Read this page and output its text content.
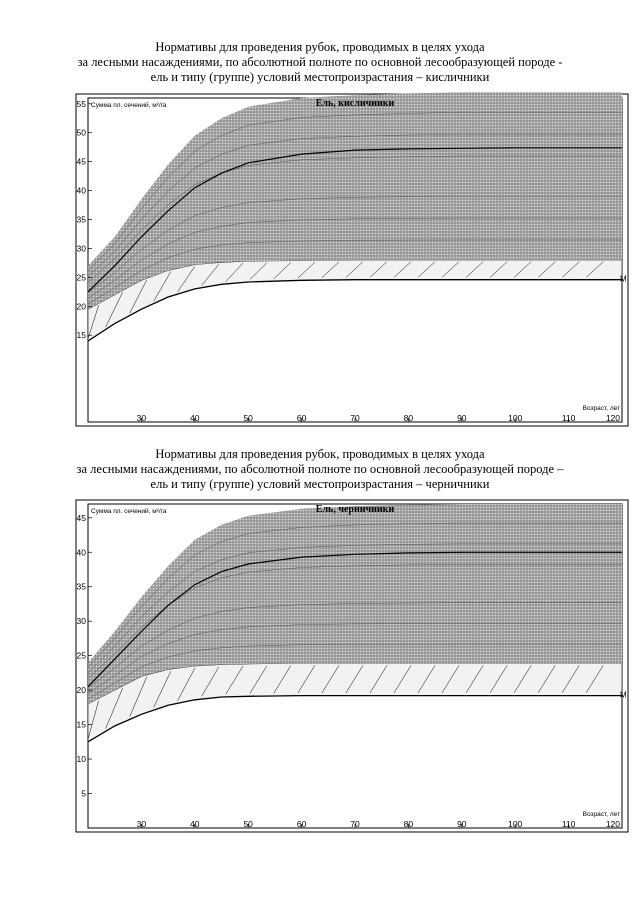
Нормативы для проведения рубок, проводимых в целях ухода
за лесными насаждениями, по абсолютной полноте по основной лесообразующей породе -
ель и типу (группе) условий местопроизрастания – кисличники
М
15
20
25
30
35
40
45
50
55
30	40	50	60	70	80	90	100	110	120
Сумма пл. сечений, м²/га
Возраст, лет
Ель, кисличники
Нормативы для проведения рубок, проводимых в целях ухода
за лесными насаждениями, по абсолютной полноте по основной лесообразующей породе –
ель и типу (группе) условий местопроизрастания – черничники
М
5
10
15
20
25
30
35
40
45
30	40	50	60	70	80	90	100	110	120
Сумма пл. сечений, м²/га
Возраст, лет
Ель, черничники
